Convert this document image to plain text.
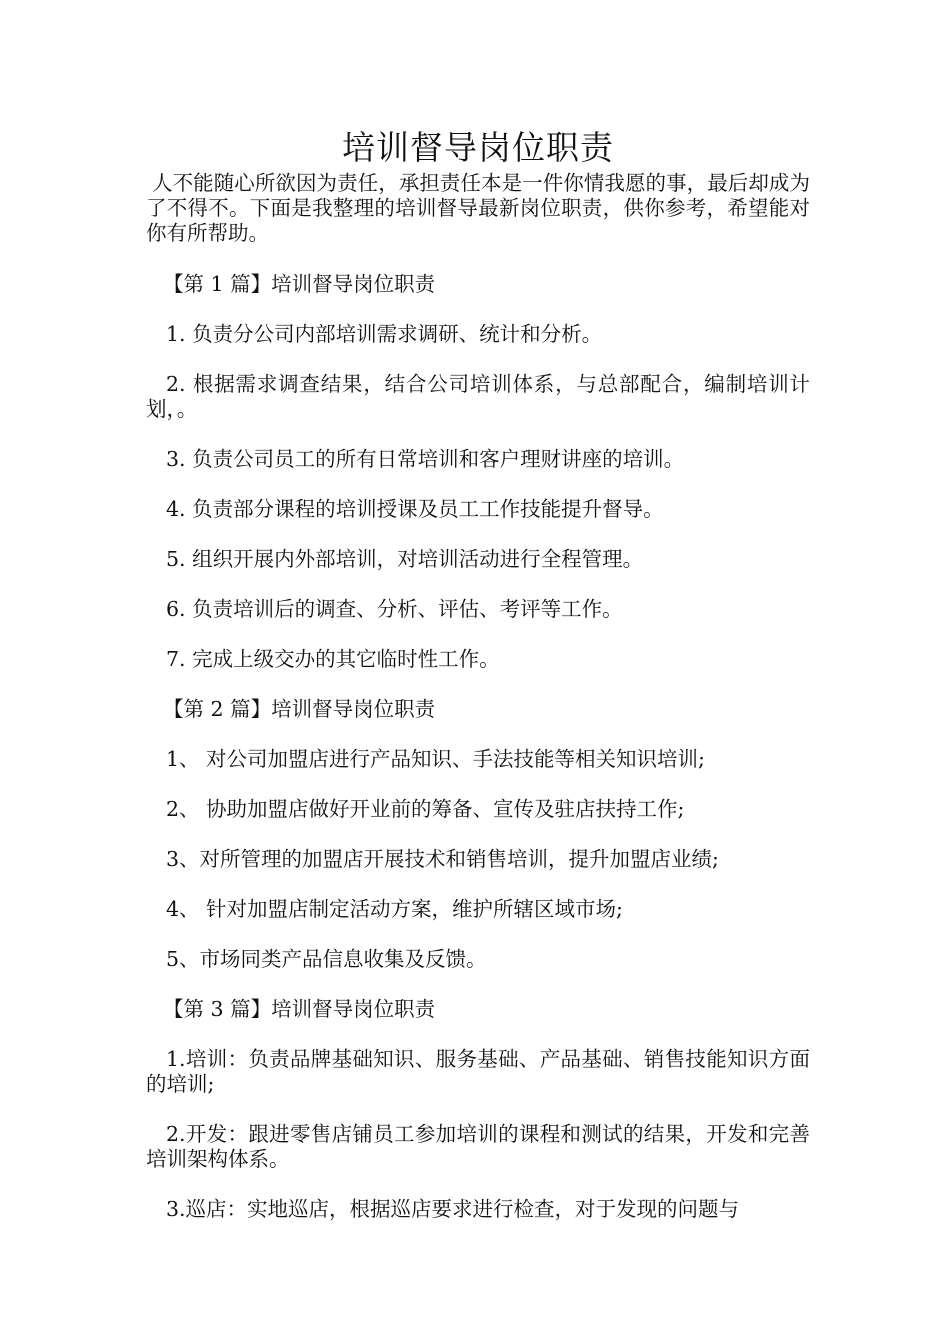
培训督导岗位职责

人不能随心所欲因为责任，承担责任本是一件你情我愿的事，最后却成为了不得不。下面是我整理的培训督导最新岗位职责，供你参考，希望能对你有所帮助。

【第 1 篇】培训督导岗位职责

1. 负责分公司内部培训需求调研、统计和分析。

2. 根据需求调查结果，结合公司培训体系，与总部配合，编制培训计划，。

3. 负责公司员工的所有日常培训和客户理财讲座的培训。

4. 负责部分课程的培训授课及员工工作技能提升督导。

5. 组织开展内外部培训，对培训活动进行全程管理。

6. 负责培训后的调查、分析、评估、考评等工作。

7. 完成上级交办的其它临时性工作。

【第 2 篇】培训督导岗位职责

1、 对公司加盟店进行产品知识、手法技能等相关知识培训;

2、 协助加盟店做好开业前的筹备、宣传及驻店扶持工作;

3、对所管理的加盟店开展技术和销售培训，提升加盟店业绩;

4、 针对加盟店制定活动方案，维护所辖区域市场;

5、市场同类产品信息收集及反馈。

【第 3 篇】培训督导岗位职责

1.培训：负责品牌基础知识、服务基础、产品基础、销售技能知识方面的培训;

2.开发：跟进零售店铺员工参加培训的课程和测试的结果，开发和完善培训架构体系。

3.巡店：实地巡店，根据巡店要求进行检查，对于发现的问题与
